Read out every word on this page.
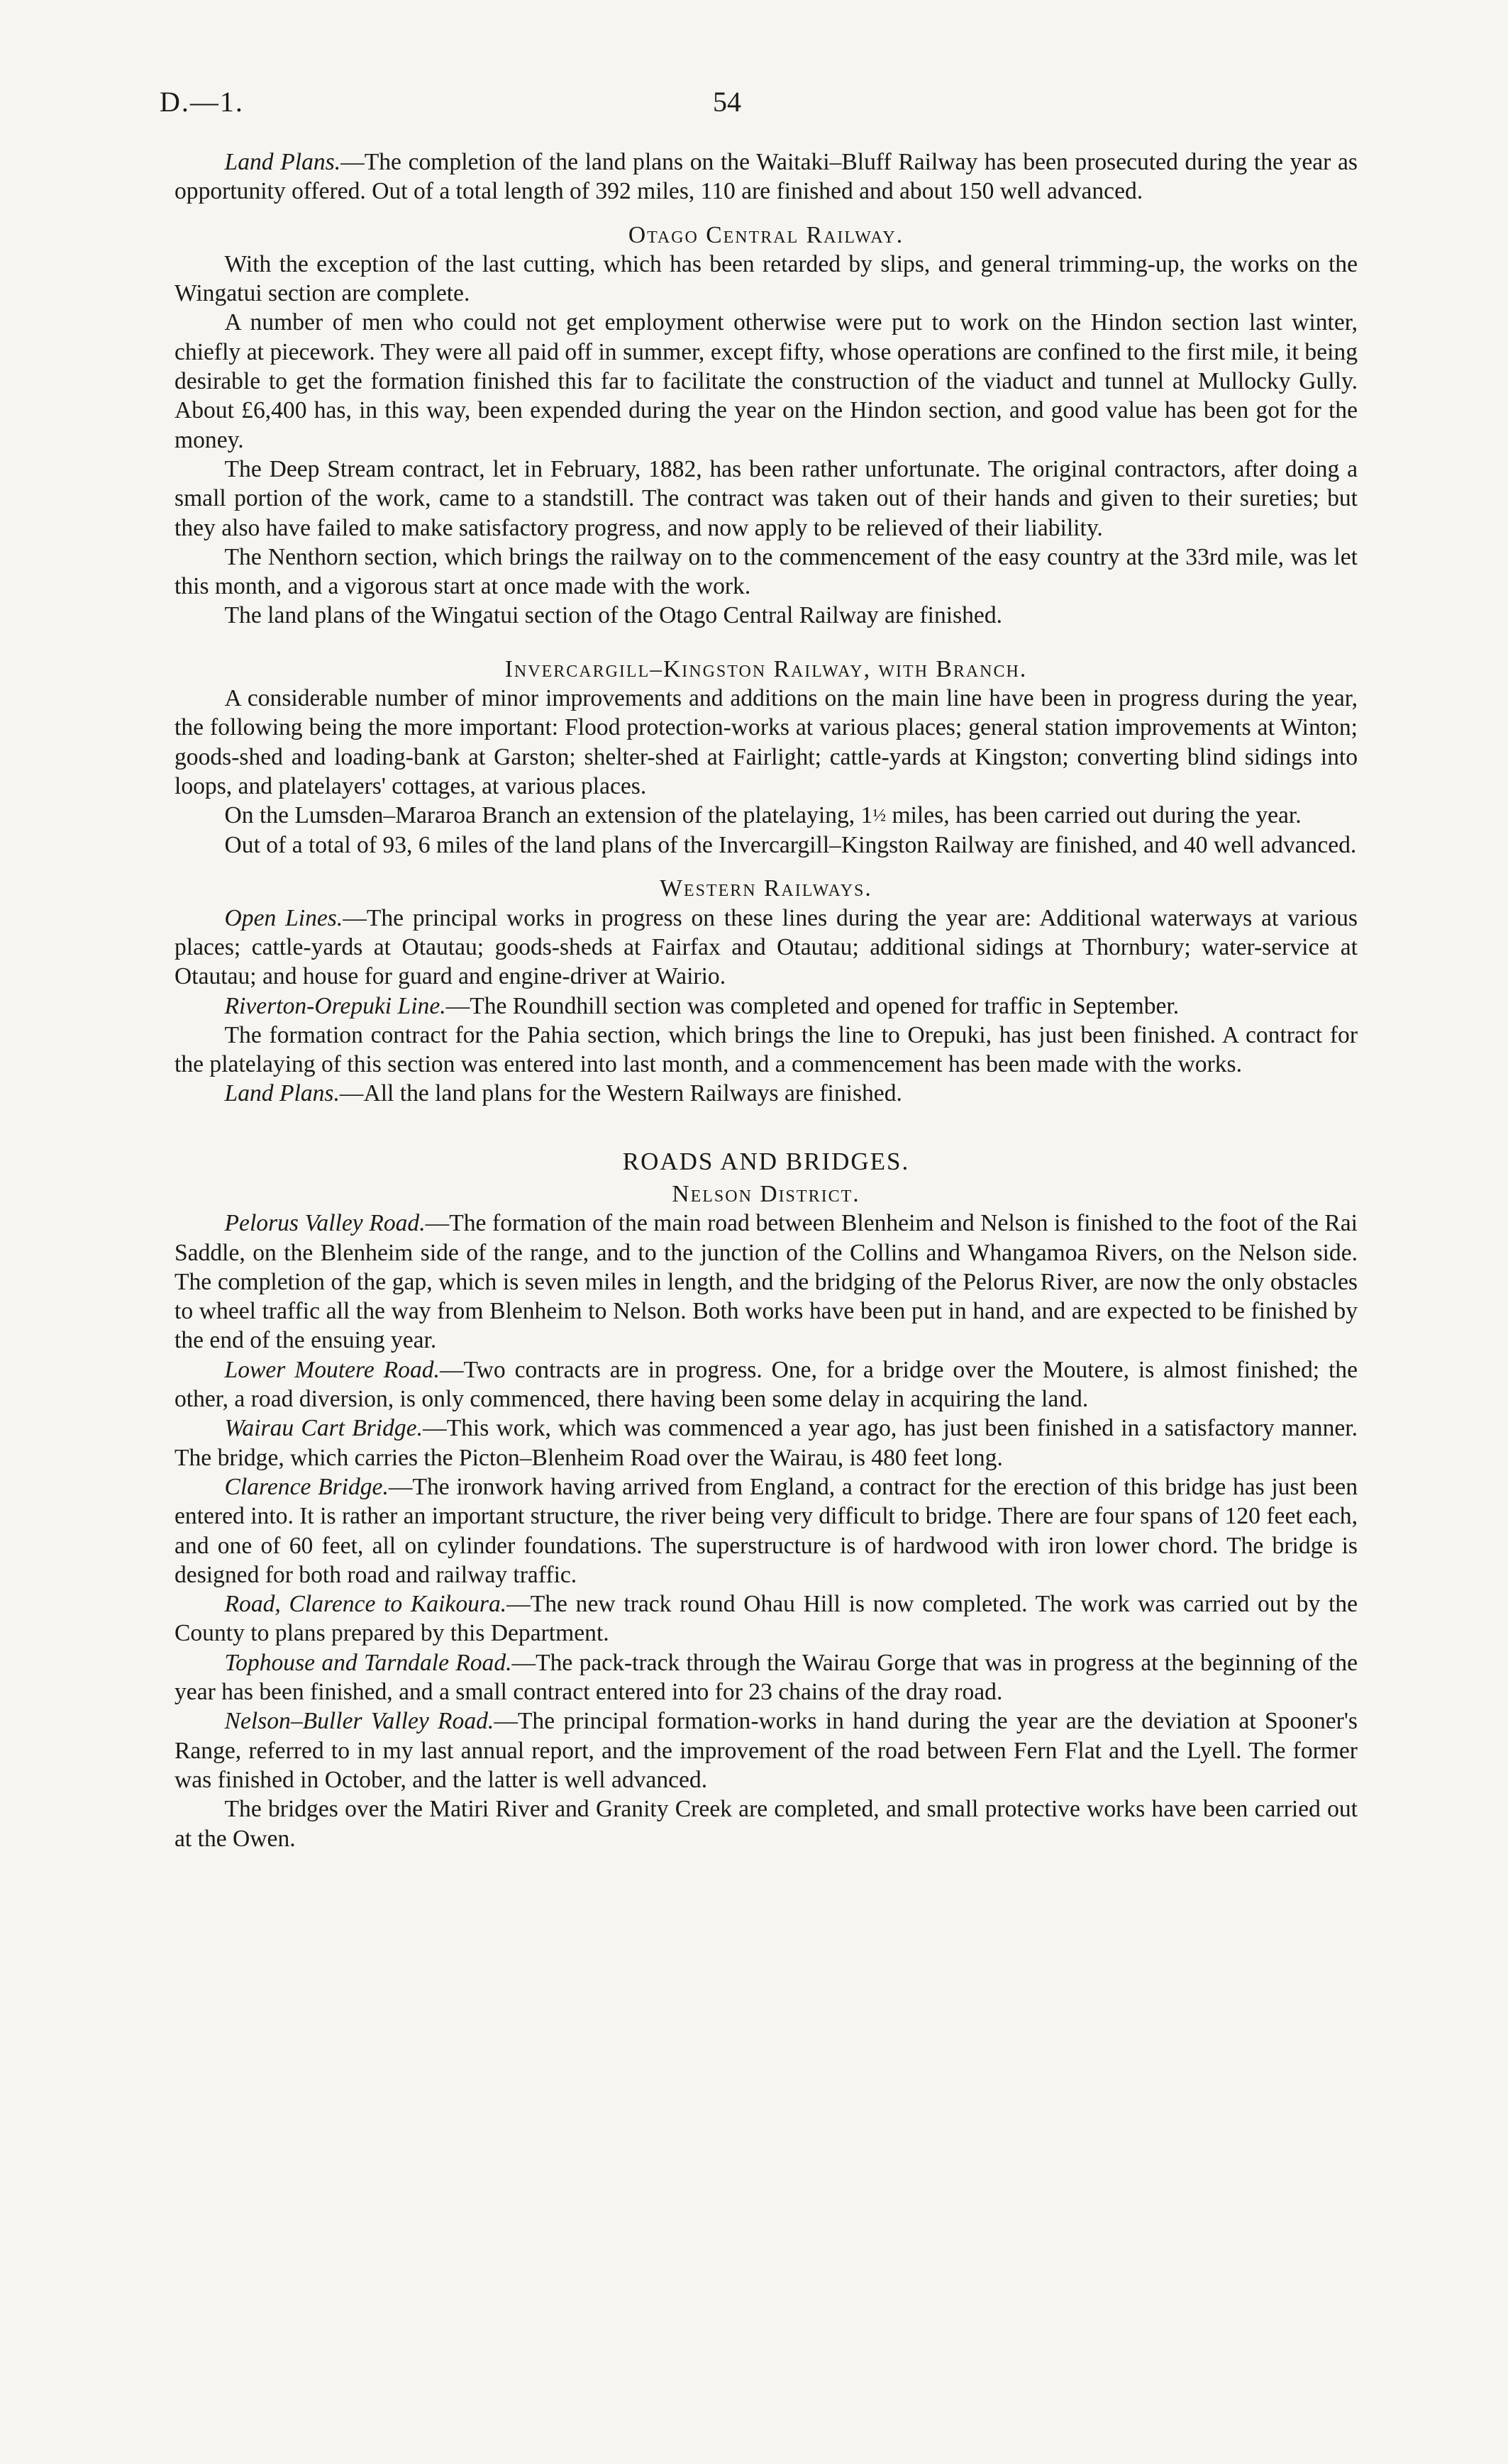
D.—1.	54

Land Plans.—The completion of the land plans on the Waitaki–Bluff Railway has been prosecuted during the year as opportunity offered. Out of a total length of 392 miles, 110 are finished and about 150 well advanced.

Otago Central Railway.

With the exception of the last cutting, which has been retarded by slips, and general trimming-up, the works on the Wingatui section are complete.

A number of men who could not get employment otherwise were put to work on the Hindon section last winter, chiefly at piecework. They were all paid off in summer, except fifty, whose operations are confined to the first mile, it being desirable to get the formation finished this far to facilitate the construction of the viaduct and tunnel at Mullocky Gully. About £6,400 has, in this way, been expended during the year on the Hindon section, and good value has been got for the money.

The Deep Stream contract, let in February, 1882, has been rather unfortunate. The original contractors, after doing a small portion of the work, came to a standstill. The contract was taken out of their hands and given to their sureties; but they also have failed to make satisfactory progress, and now apply to be relieved of their liability.

The Nenthorn section, which brings the railway on to the commencement of the easy country at the 33rd mile, was let this month, and a vigorous start at once made with the work.

The land plans of the Wingatui section of the Otago Central Railway are finished.

Invercargill–Kingston Railway, with Branch.

A considerable number of minor improvements and additions on the main line have been in progress during the year, the following being the more important: Flood protection-works at various places; general station improvements at Winton; goods-shed and loading-bank at Garston; shelter-shed at Fairlight; cattle-yards at Kingston; converting blind sidings into loops, and platelayers' cottages, at various places.

On the Lumsden–Mararoa Branch an extension of the platelaying, 1½ miles, has been carried out during the year.

Out of a total of 93, 6 miles of the land plans of the Invercargill–Kingston Railway are finished, and 40 well advanced.

Western Railways.

Open Lines.—The principal works in progress on these lines during the year are: Additional waterways at various places; cattle-yards at Otautau; goods-sheds at Fairfax and Otautau; additional sidings at Thornbury; water-service at Otautau; and house for guard and engine-driver at Wairio.

Riverton-Orepuki Line.—The Roundhill section was completed and opened for traffic in September.

The formation contract for the Pahia section, which brings the line to Orepuki, has just been finished. A contract for the platelaying of this section was entered into last month, and a commencement has been made with the works.

Land Plans.—All the land plans for the Western Railways are finished.

ROADS AND BRIDGES.
Nelson District.

Pelorus Valley Road.—The formation of the main road between Blenheim and Nelson is finished to the foot of the Rai Saddle, on the Blenheim side of the range, and to the junction of the Collins and Whangamoa Rivers, on the Nelson side. The completion of the gap, which is seven miles in length, and the bridging of the Pelorus River, are now the only obstacles to wheel traffic all the way from Blenheim to Nelson. Both works have been put in hand, and are expected to be finished by the end of the ensuing year.

Lower Moutere Road.—Two contracts are in progress. One, for a bridge over the Moutere, is almost finished; the other, a road diversion, is only commenced, there having been some delay in acquiring the land.

Wairau Cart Bridge.—This work, which was commenced a year ago, has just been finished in a satisfactory manner. The bridge, which carries the Picton–Blenheim Road over the Wairau, is 480 feet long.

Clarence Bridge.—The ironwork having arrived from England, a contract for the erection of this bridge has just been entered into. It is rather an important structure, the river being very difficult to bridge. There are four spans of 120 feet each, and one of 60 feet, all on cylinder foundations. The superstructure is of hardwood with iron lower chord. The bridge is designed for both road and railway traffic.

Road, Clarence to Kaikoura.—The new track round Ohau Hill is now completed. The work was carried out by the County to plans prepared by this Department.

Tophouse and Tarndale Road.—The pack-track through the Wairau Gorge that was in progress at the beginning of the year has been finished, and a small contract entered into for 23 chains of the dray road.

Nelson–Buller Valley Road.—The principal formation-works in hand during the year are the deviation at Spooner's Range, referred to in my last annual report, and the improvement of the road between Fern Flat and the Lyell. The former was finished in October, and the latter is well advanced.

The bridges over the Matiri River and Granity Creek are completed, and small protective works have been carried out at the Owen.
